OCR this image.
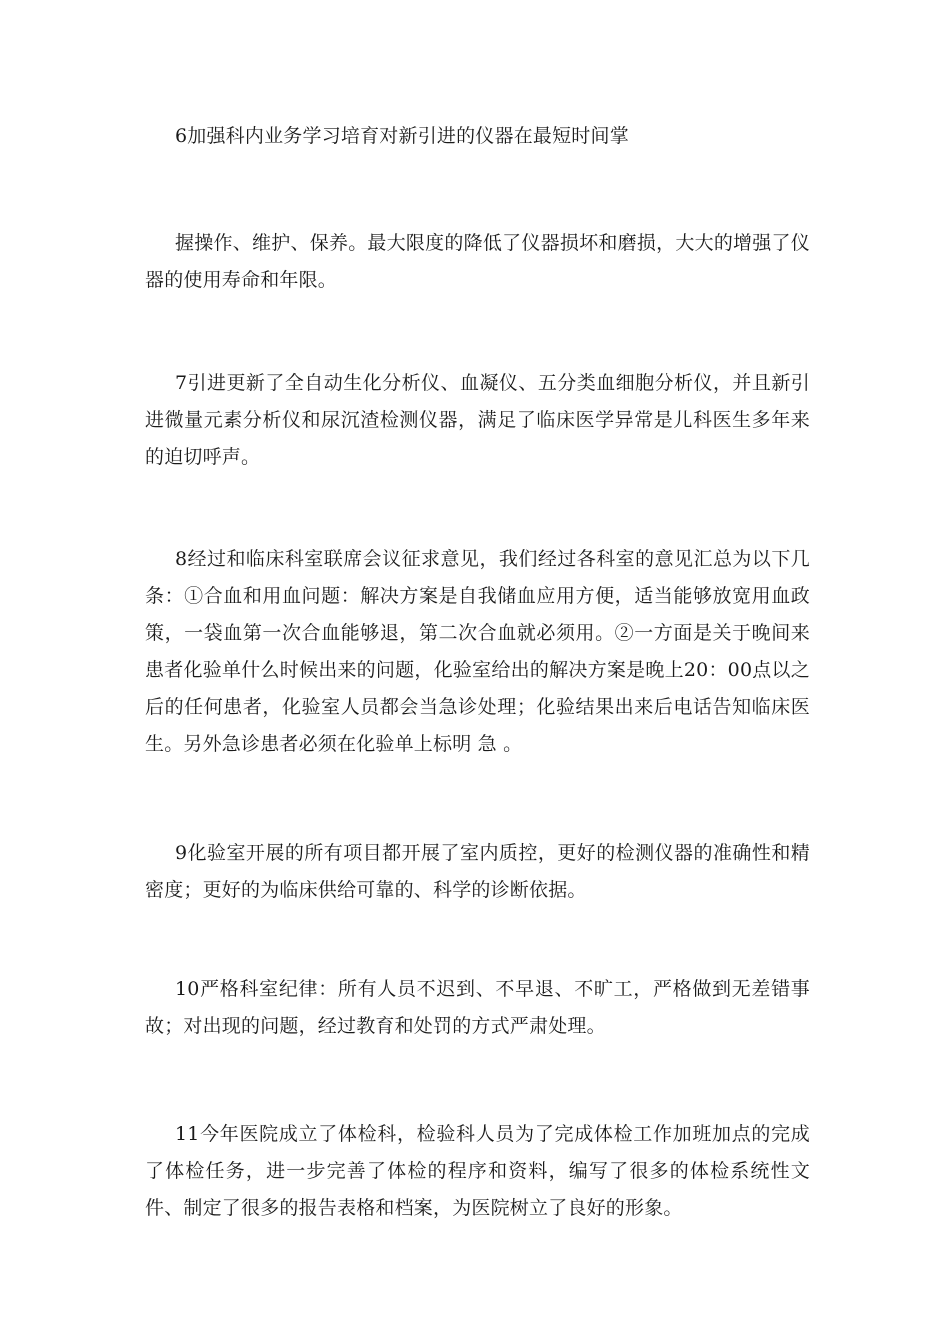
6加强科内业务学习培育对新引进的仪器在最短时间掌

握操作、维护、保养。最大限度的降低了仪器损坏和磨损，大大的增强了仪器的使用寿命和年限。

7引进更新了全自动生化分析仪、血凝仪、五分类血细胞分析仪，并且新引进微量元素分析仪和尿沉渣检测仪器，满足了临床医学异常是儿科医生多年来的迫切呼声。

8经过和临床科室联席会议征求意见，我们经过各科室的意见汇总为以下几条：①合血和用血问题：解决方案是自我储血应用方便，适当能够放宽用血政策，一袋血第一次合血能够退，第二次合血就必须用。②一方面是关于晚间来患者化验单什么时候出来的问题，化验室给出的解决方案是晚上20：00点以之后的任何患者，化验室人员都会当急诊处理；化验结果出来后电话告知临床医生。另外急诊患者必须在化验单上标明 急 。

9化验室开展的所有项目都开展了室内质控，更好的检测仪器的准确性和精密度；更好的为临床供给可靠的、科学的诊断依据。

10严格科室纪律：所有人员不迟到、不早退、不旷工，严格做到无差错事故；对出现的问题，经过教育和处罚的方式严肃处理。

11今年医院成立了体检科，检验科人员为了完成体检工作加班加点的完成了体检任务，进一步完善了体检的程序和资料，编写了很多的体检系统性文件、制定了很多的报告表格和档案，为医院树立了良好的形象。
